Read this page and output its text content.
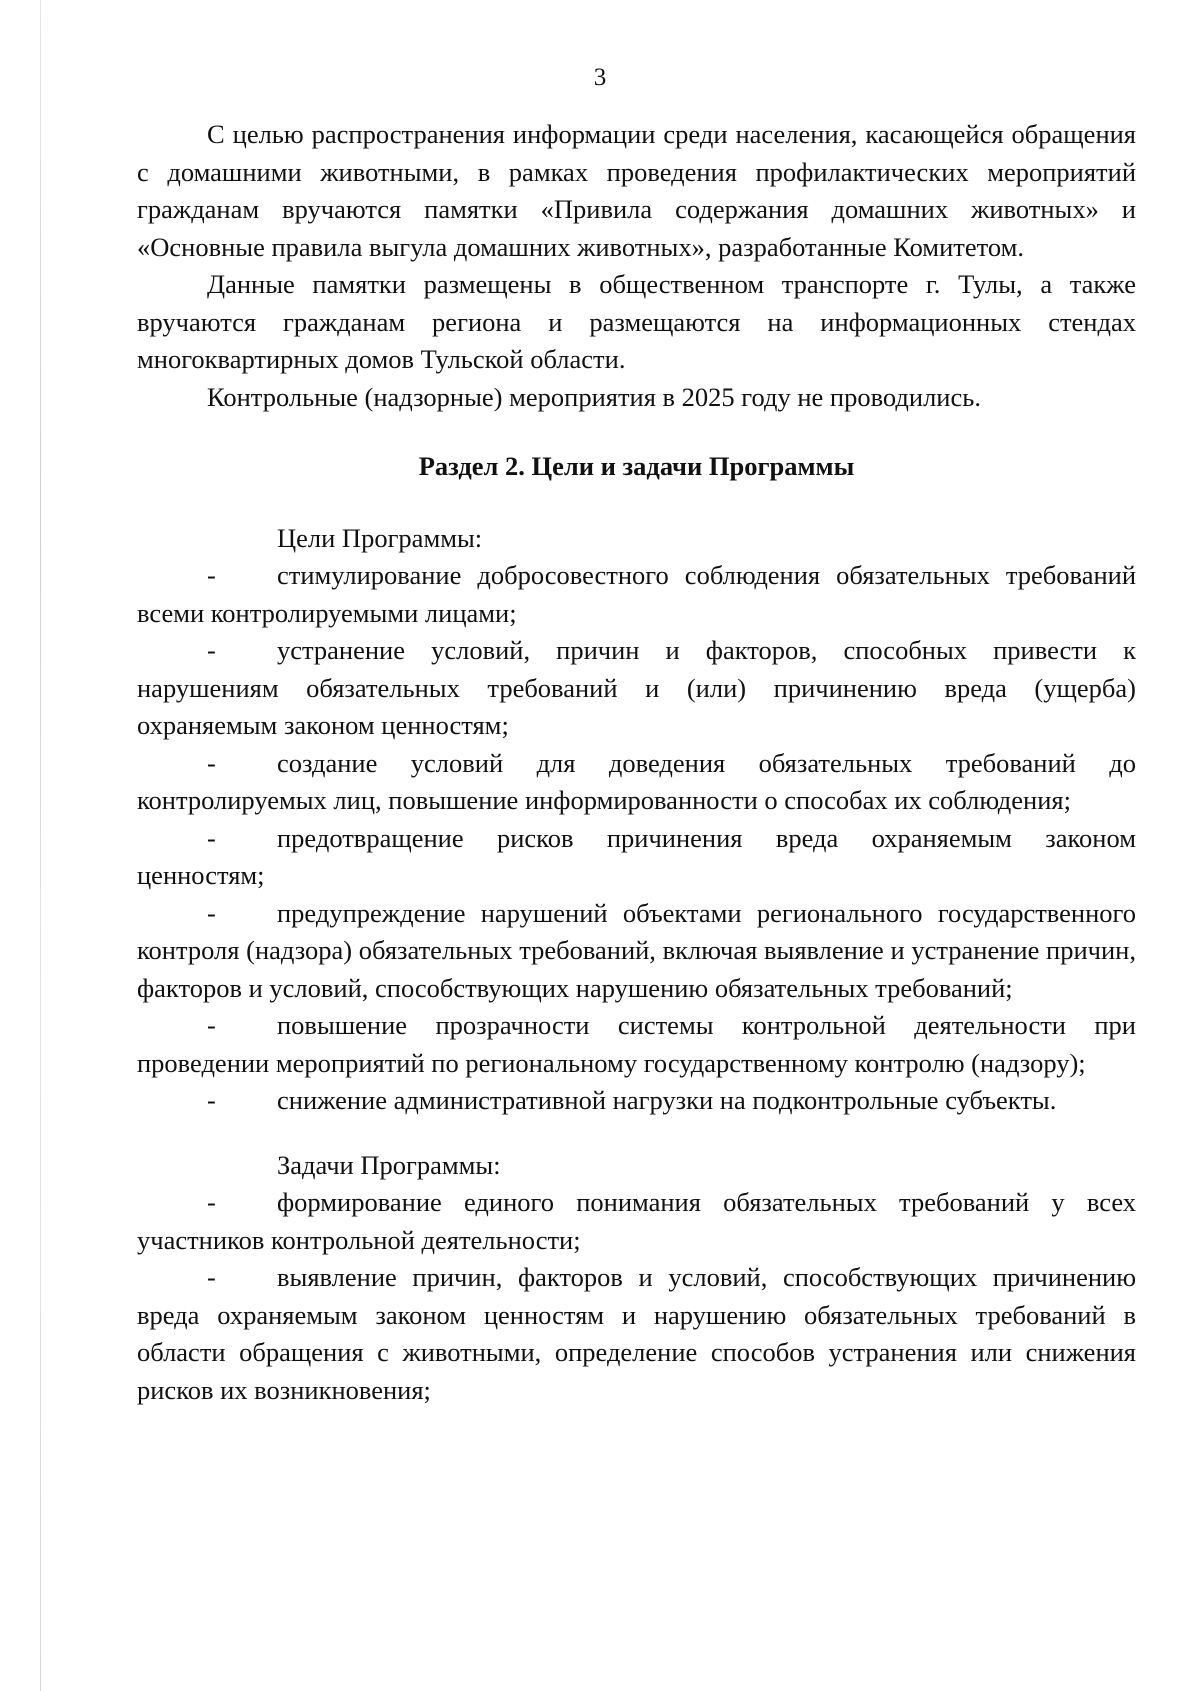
3

С целью распространения информации среди населения, касающейся обращения с домашними животными, в рамках проведения профилактических мероприятий гражданам вручаются памятки «Привила содержания домашних животных» и «Основные правила выгула домашних животных», разработанные Комитетом.

Данные памятки размещены в общественном транспорте г. Тулы, а также вручаются гражданам региона и размещаются на информационных стендах многоквартирных домов Тульской области.

Контрольные (надзорные) мероприятия в 2025 году не проводились.

Раздел 2. Цели и задачи Программы

Цели Программы:

- стимулирование добросовестного соблюдения обязательных требований всеми контролируемыми лицами;

- устранение условий, причин и факторов, способных привести к нарушениям обязательных требований и (или) причинению вреда (ущерба) охраняемым законом ценностям;

- создание условий для доведения обязательных требований до контролируемых лиц, повышение информированности о способах их соблюдения;

- предотвращение рисков причинения вреда охраняемым законом ценностям;

- предупреждение нарушений объектами регионального государственного контроля (надзора) обязательных требований, включая выявление и устранение причин, факторов и условий, способствующих нарушению обязательных требований;

- повышение прозрачности системы контрольной деятельности при проведении мероприятий по региональному государственному контролю (надзору);

- снижение административной нагрузки на подконтрольные субъекты.

Задачи Программы:

- формирование единого понимания обязательных требований у всех участников контрольной деятельности;

- выявление причин, факторов и условий, способствующих причинению вреда охраняемым законом ценностям и нарушению обязательных требований в области обращения с животными, определение способов устранения или снижения рисков их возникновения;
